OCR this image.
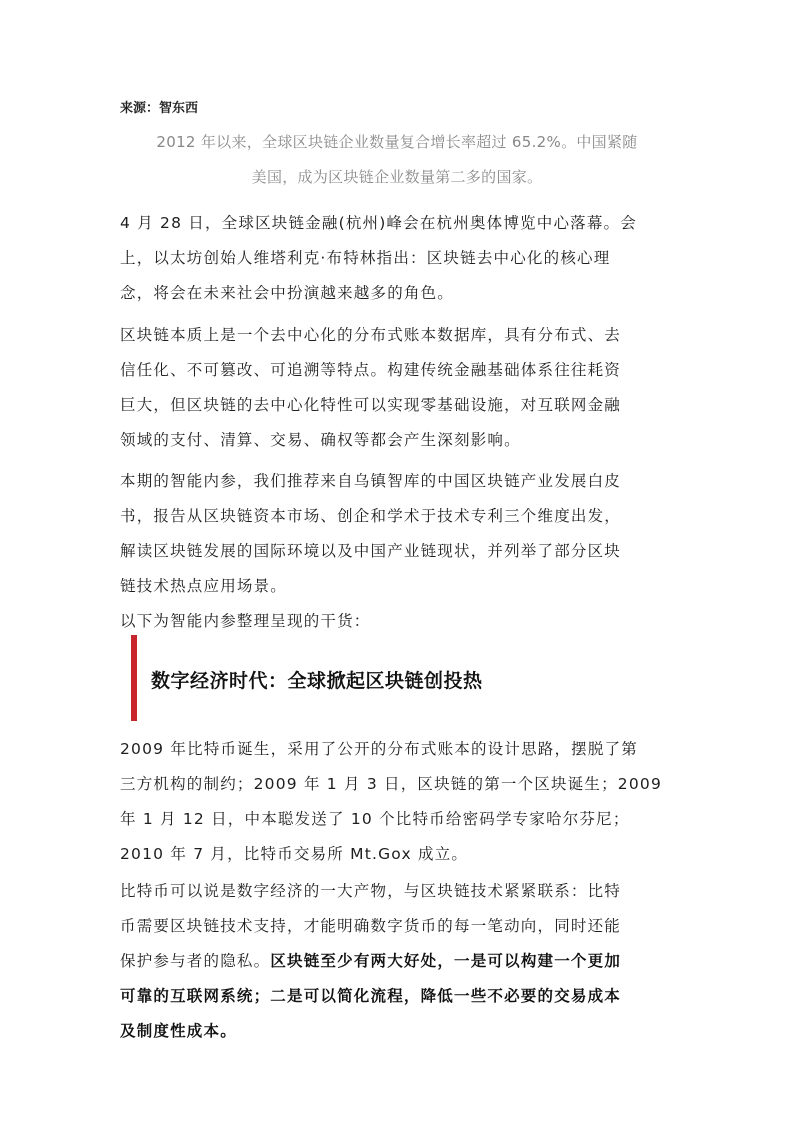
来源：智东西
2012 年以来，全球区块链企业数量复合增长率超过 65.2%。中国紧随
美国，成为区块链企业数量第二多的国家。

4 月 28 日，全球区块链金融(杭州)峰会在杭州奥体博览中心落幕。会
上，以太坊创始人维塔利克·布特林指出：区块链去中心化的核心理
念，将会在未来社会中扮演越来越多的角色。

区块链本质上是一个去中心化的分布式账本数据库，具有分布式、去
信任化、不可篡改、可追溯等特点。构建传统金融基础体系往往耗资
巨大，但区块链的去中心化特性可以实现零基础设施，对互联网金融
领域的支付、清算、交易、确权等都会产生深刻影响。

本期的智能内参，我们推荐来自乌镇智库的中国区块链产业发展白皮
书，报告从区块链资本市场、创企和学术于技术专利三个维度出发，
解读区块链发展的国际环境以及中国产业链现状，并列举了部分区块
链技术热点应用场景。

以下为智能内参整理呈现的干货：

数字经济时代：全球掀起区块链创投热

2009 年比特币诞生，采用了公开的分布式账本的设计思路，摆脱了第
三方机构的制约；2009 年 1 月 3 日，区块链的第一个区块诞生；2009
年 1 月 12 日，中本聪发送了 10 个比特币给密码学专家哈尔芬尼；
2010 年 7 月，比特币交易所 Mt.Gox 成立。

比特币可以说是数字经济的一大产物，与区块链技术紧紧联系：比特
币需要区块链技术支持，才能明确数字货币的每一笔动向，同时还能
保护参与者的隐私。区块链至少有两大好处，一是可以构建一个更加
可靠的互联网系统；二是可以简化流程，降低一些不必要的交易成本
及制度性成本。
